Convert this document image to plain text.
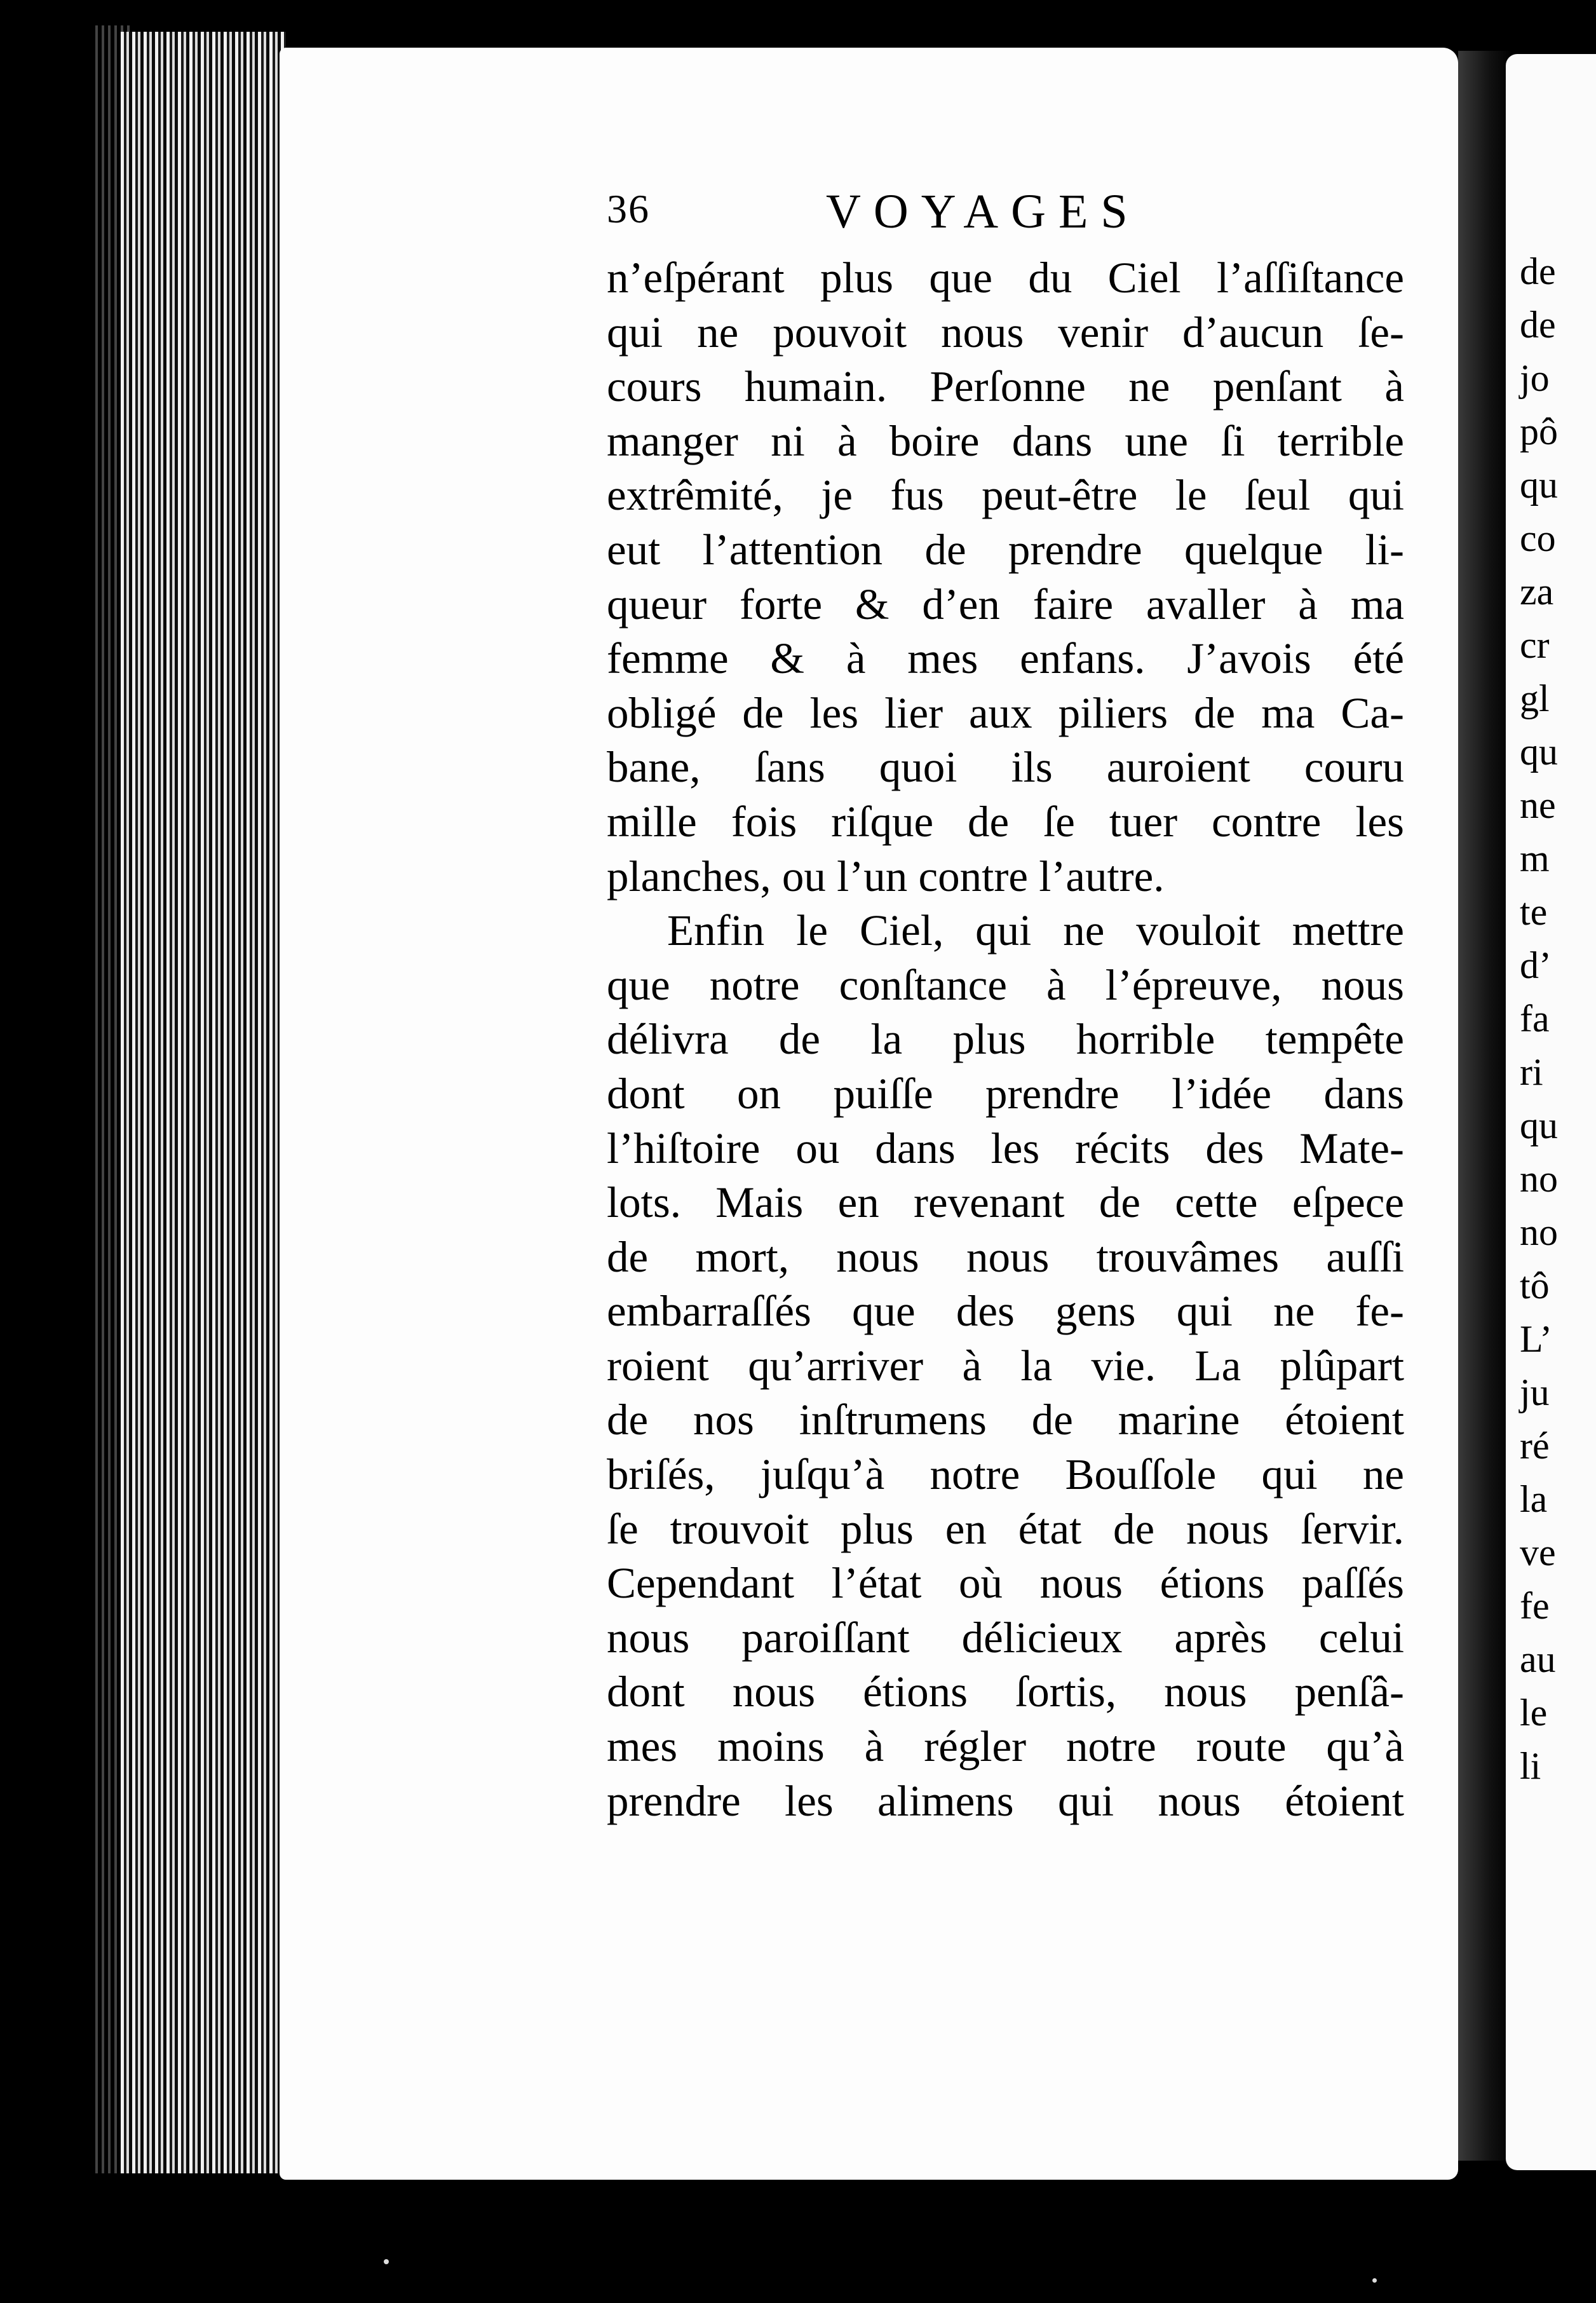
de
de
jo
pô
qu
co
za
cr
gl
qu
ne
m
te
d’
fa
ri
qu
no
no
tô
L’
ju
ré
la
ve
fe
au
le
li
36	VOYAGES
n’eſpérant plus que du Ciel l’aſſiſtance
qui ne pouvoit nous venir d’aucun ſe-
cours humain. Perſonne ne penſant à
manger ni à boire dans une ſi terrible
extrêmité, je fus peut-être le ſeul qui
eut l’attention de prendre quelque li-
queur forte & d’en faire avaller à ma
femme & à mes enfans. J’avois été
obligé de les lier aux piliers de ma Ca-
bane, ſans quoi ils auroient couru
mille fois riſque de ſe tuer contre les
planches, ou l’un contre l’autre.
Enfin le Ciel, qui ne vouloit mettre
que notre conſtance à l’épreuve, nous
délivra de la plus horrible tempête
dont on puiſſe prendre l’idée dans
l’hiſtoire ou dans les récits des Mate-
lots. Mais en revenant de cette eſpece
de mort, nous nous trouvâmes auſſi
embarraſſés que des gens qui ne fe-
roient qu’arriver à la vie. La plûpart
de nos inſtrumens de marine étoient
briſés, juſqu’à notre Bouſſole qui ne
ſe trouvoit plus en état de nous ſervir.
Cependant l’état où nous étions paſſés
nous paroiſſant délicieux après celui
dont nous étions ſortis, nous penſâ-
mes moins à régler notre route qu’à
prendre les alimens qui nous étoient
